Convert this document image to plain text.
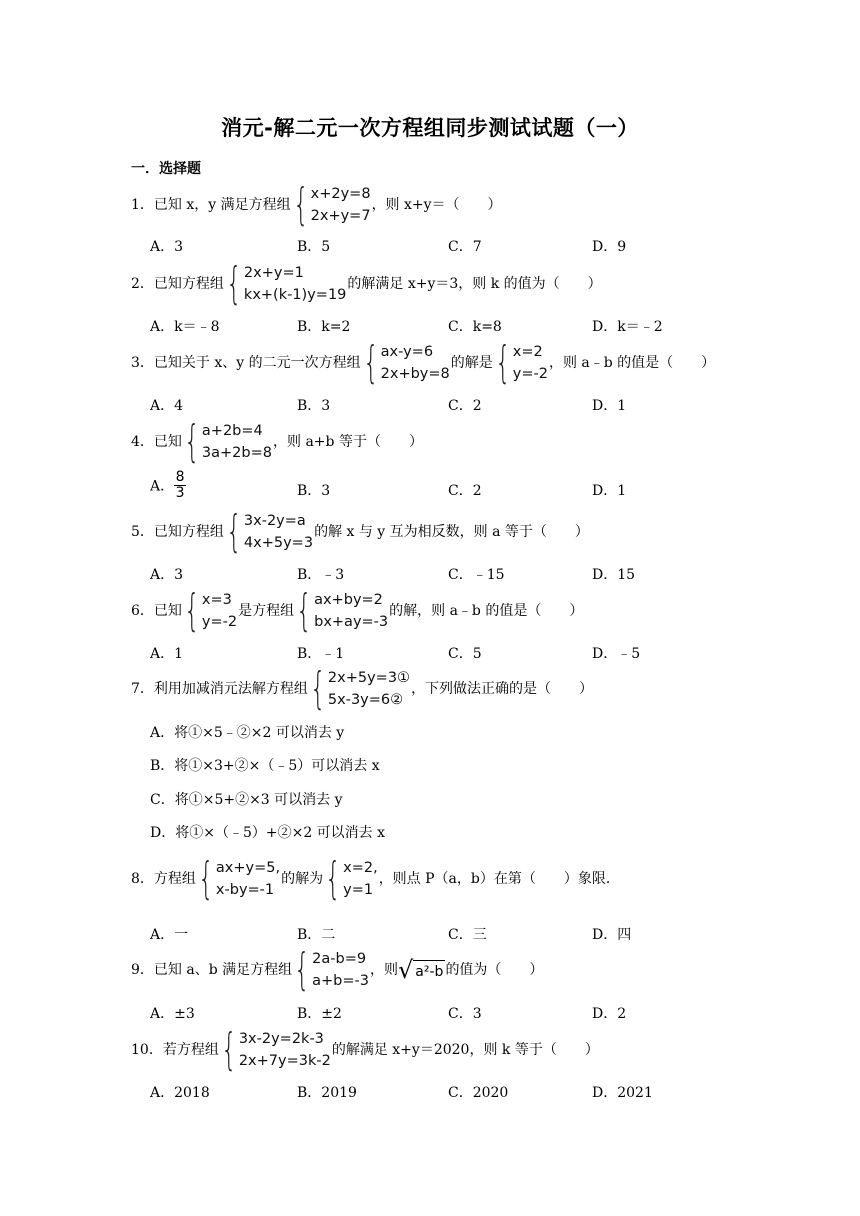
消元-解二元一次方程组同步测试试题（一）
一．选择题
1．已知 x，y 满足方程组 { x+2y=8
2x+y=7
，则 x+y＝（　　）
A．3	B．5	C．7	D．9
2．已知方程组 { 2x+y=1
kx+(k-1)y=19
的解满足 x+y＝3，则 k 的值为（　　）
A．k＝﹣8	B．k=2	C．k=8	D．k＝﹣2
3．已知关于 x、y 的二元一次方程组 { ax-y=6
2x+by=8
的解是 { x=2
y=-2
，则 a﹣b 的值是（　　）
A．4	B．3	C．2	D．1
4．已知 { a+2b=4
3a+2b=8
，则 a+b 等于（　　）
A． $\frac{8}{3}$	B．3	C．2	D．1
5．已知方程组 { 3x-2y=a
4x+5y=3
的解 x 与 y 互为相反数，则 a 等于（　　）
A．3	B．﹣3	C．﹣15	D．15
6．已知 { x=3
y=-2
是方程组 { ax+by=2
bx+ay=-3
的解，则 a﹣b 的值是（　　）
A．1	B．﹣1	C．5	D．﹣5
7．利用加减消元法解方程组 { 2x+5y=3①
5x-3y=6②
，下列做法正确的是（　　）
A．将①×5﹣②×2 可以消去 y
B．将①×3+②×（﹣5）可以消去 x
C．将①×5+②×3 可以消去 y
D．将①×（﹣5）+②×2 可以消去 x
8．方程组 { ax+y=5,
x-by=-1
的解为 { x=2,
y=1
，则点 P（a，b）在第（　　）象限．
A．一	B．二	C．三	D．四
9．已知 a、b 满足方程组 { 2a-b=9
a+b=-3
，则 √ a²-b 的值为（　　）
A．±3	B．±2	C．3	D．2
10．若方程组 { 3x-2y=2k-3
2x+7y=3k-2
的解满足 x+y＝2020，则 k 等于（　　）
A．2018	B．2019	C．2020	D．2021
